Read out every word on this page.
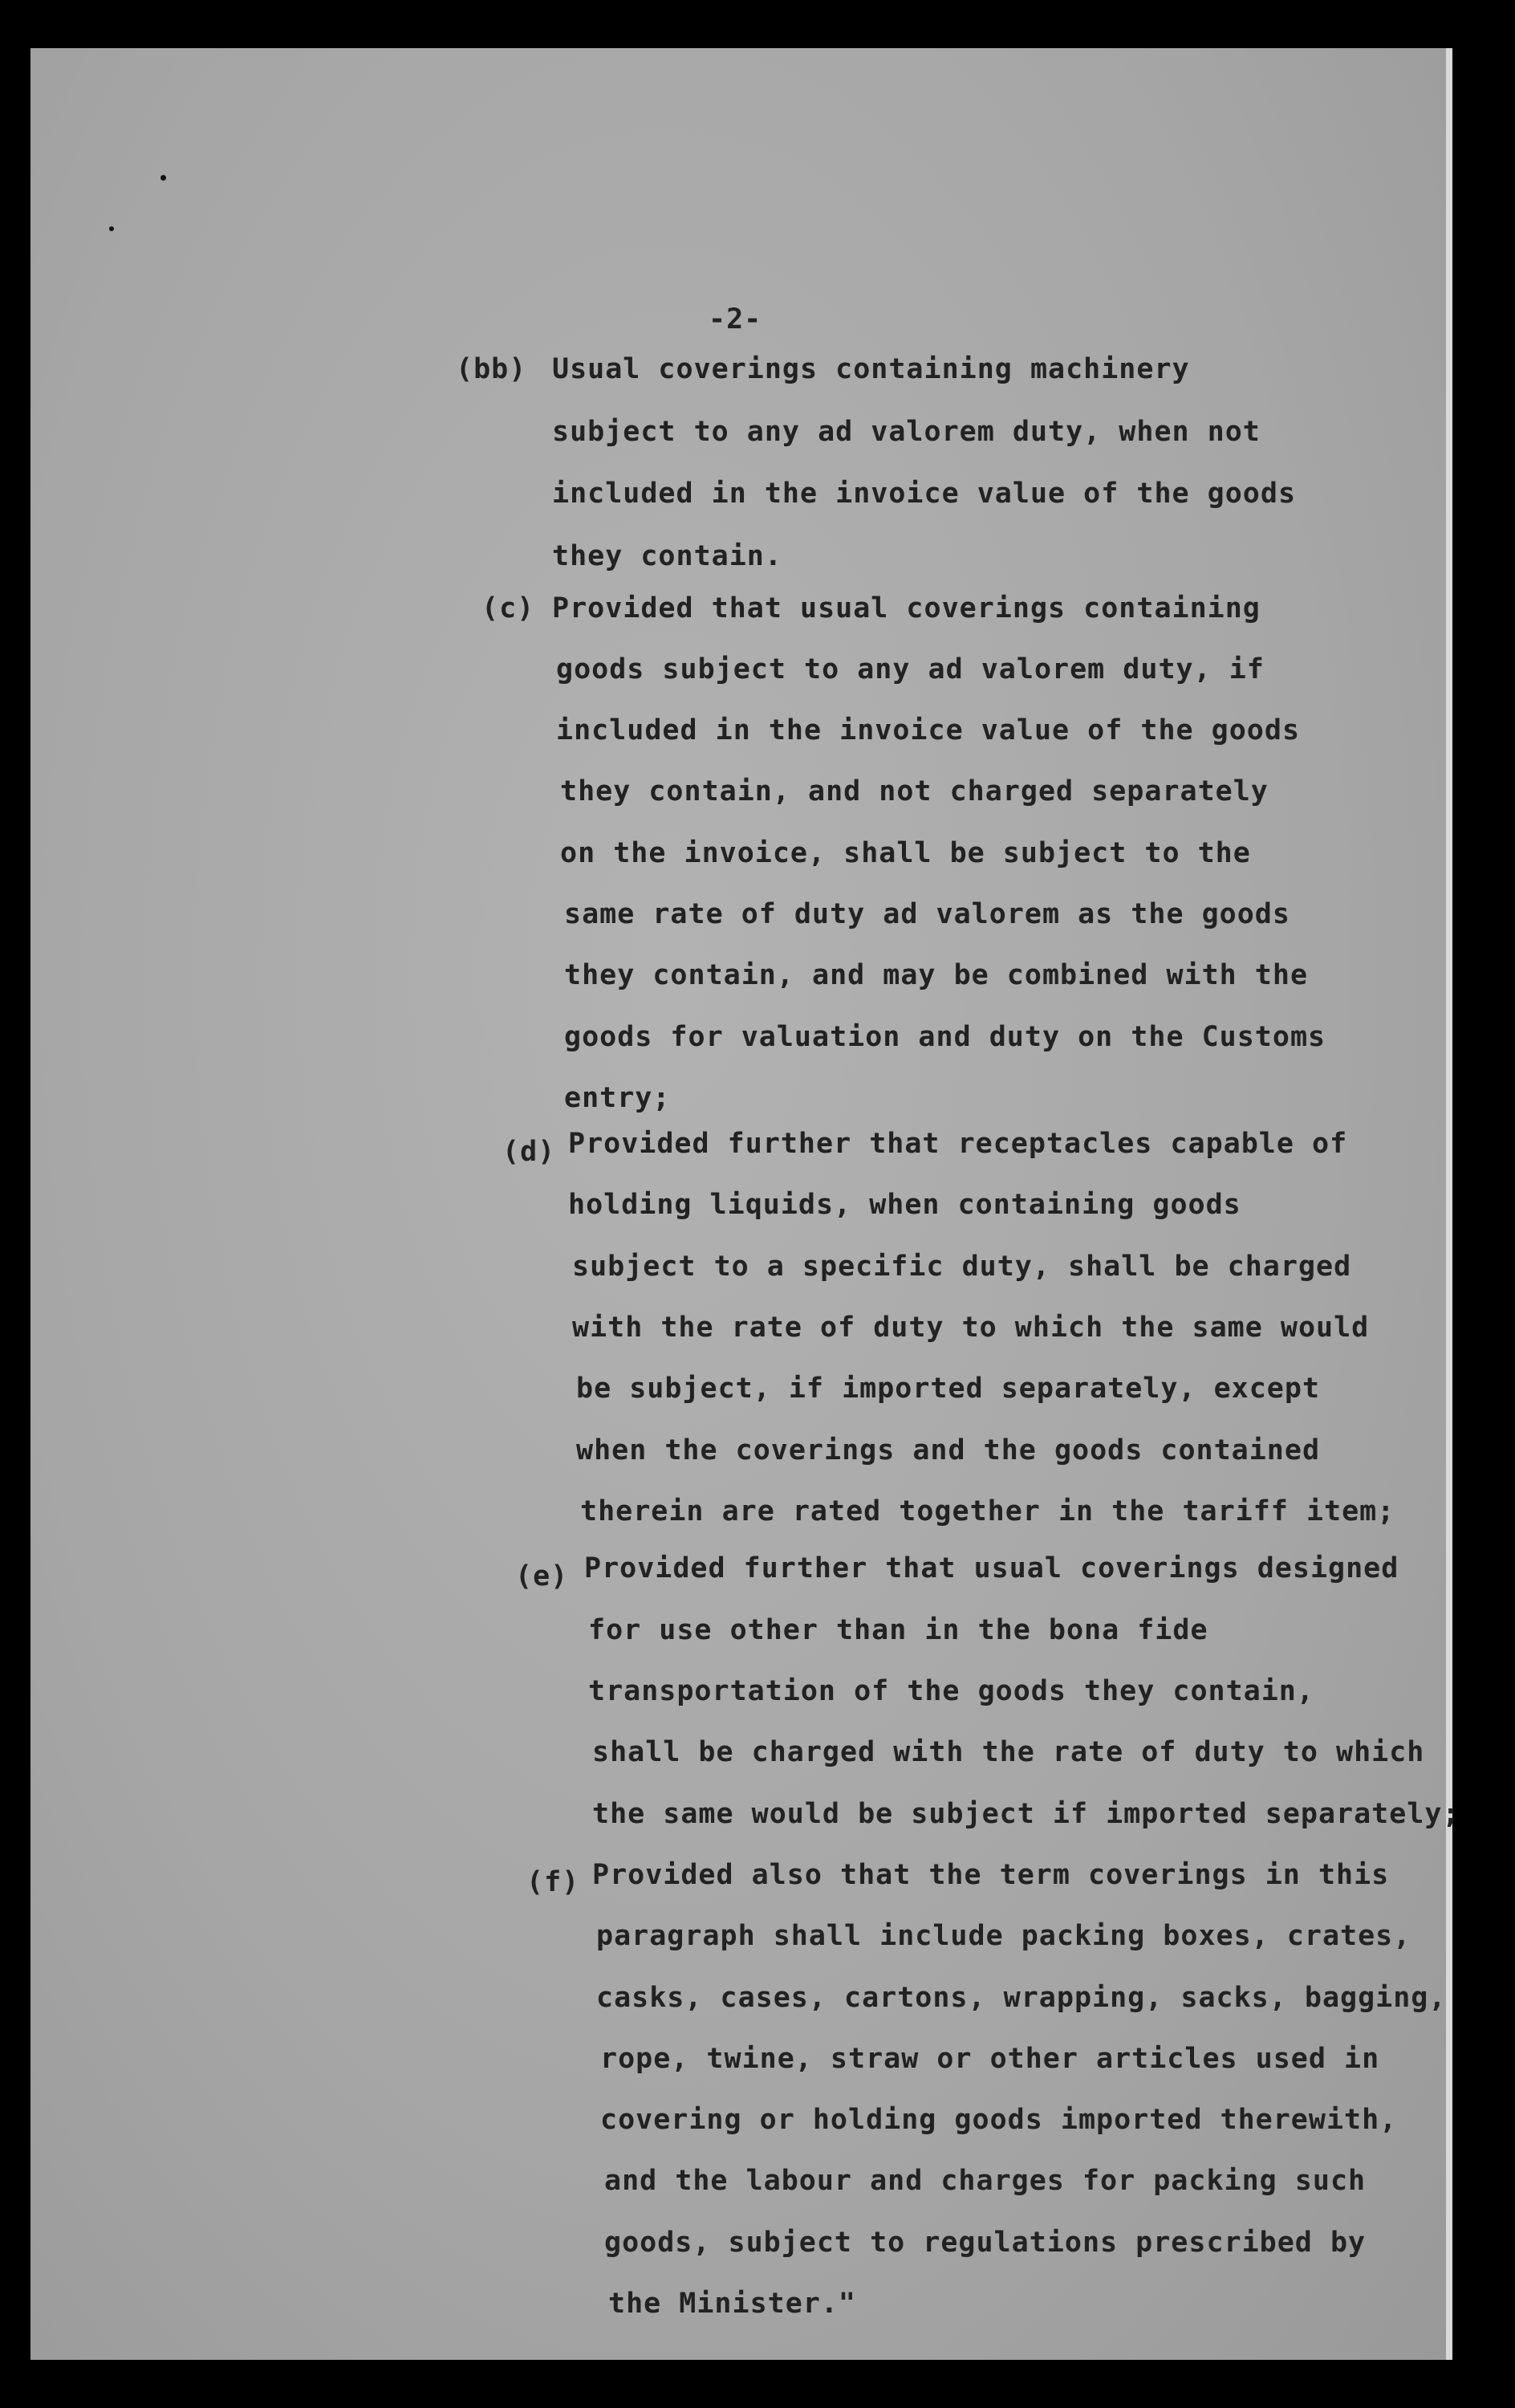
-2-
(bb) Usual coverings containing machinery
subject to any ad valorem duty, when not
included in the invoice value of the goods
they contain.
(c) Provided that usual coverings containing
goods subject to any ad valorem duty, if
included in the invoice value of the goods
they contain, and not charged separately
on the invoice, shall be subject to the
same rate of duty ad valorem as the goods
they contain, and may be combined with the
goods for valuation and duty on the Customs
entry;
(d) Provided further that receptacles capable of
holding liquids, when containing goods
subject to a specific duty, shall be charged
with the rate of duty to which the same would
be subject, if imported separately, except
when the coverings and the goods contained
therein are rated together in the tariff item;
(e) Provided further that usual coverings designed
for use other than in the bona fide
transportation of the goods they contain,
shall be charged with the rate of duty to which
the same would be subject if imported separately;
(f) Provided also that the term coverings in this
paragraph shall include packing boxes, crates,
casks, cases, cartons, wrapping, sacks, bagging,
rope, twine, straw or other articles used in
covering or holding goods imported therewith,
and the labour and charges for packing such
goods, subject to regulations prescribed by
the Minister."
